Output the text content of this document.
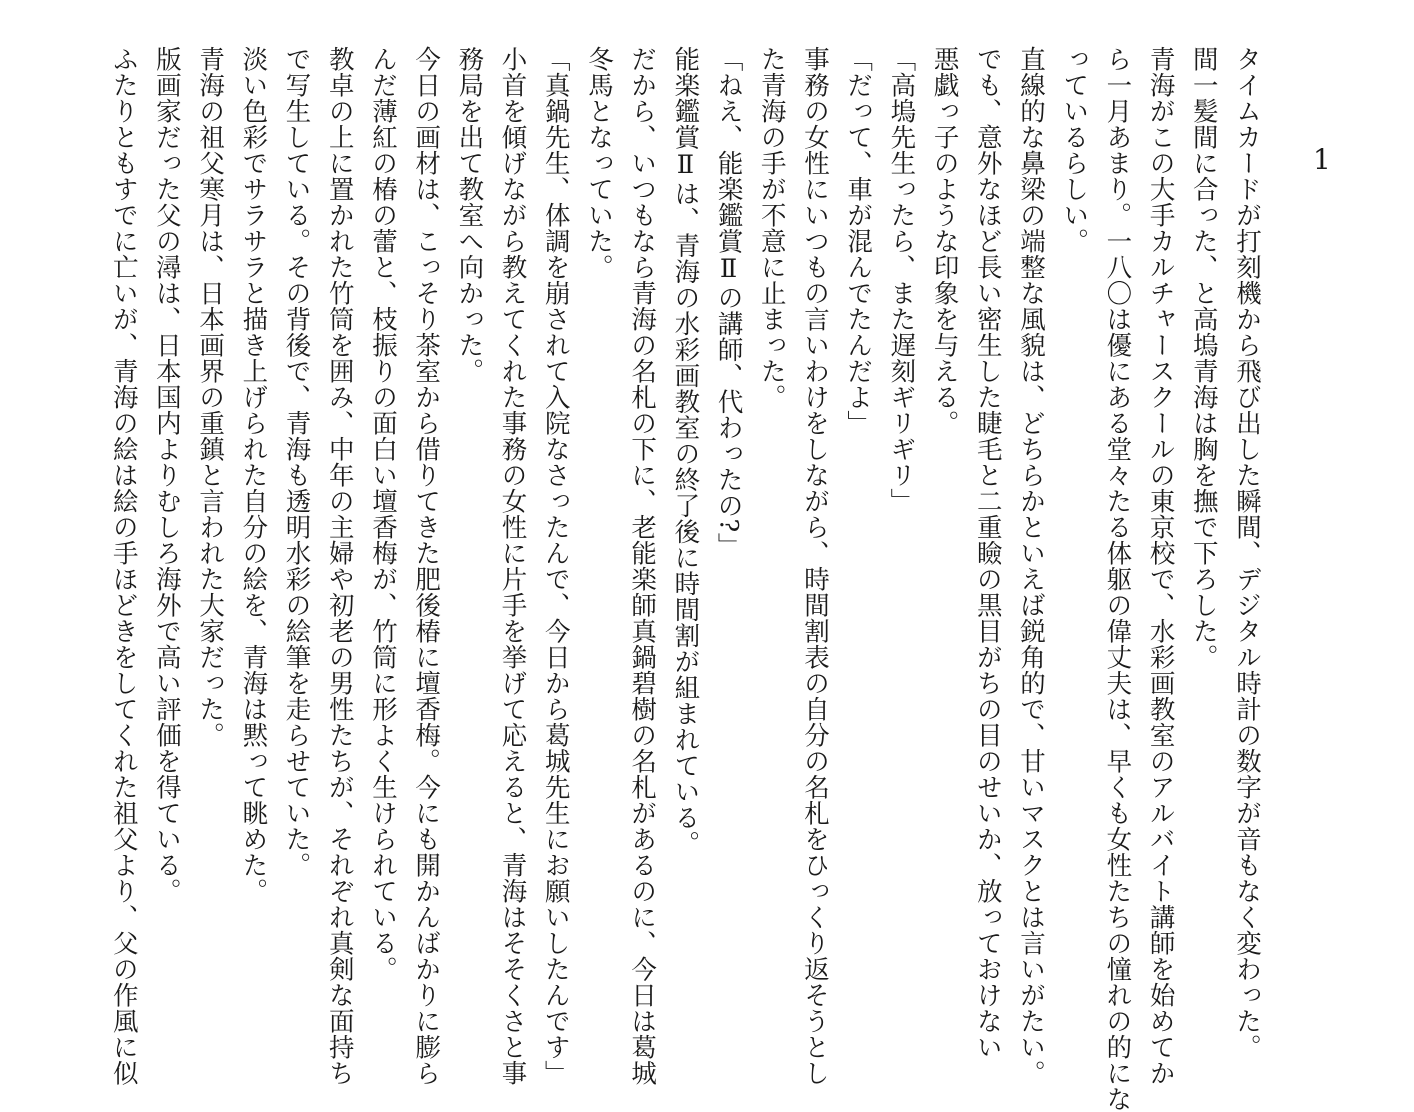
1
タイムカードが打刻機から飛び出した瞬間、デジタル時計の数字が音もなく変わった。
間一髪間に合った、と高塢青海は胸を撫で下ろした。
青海がこの大手カルチャースクールの東京校で、水彩画教室のアルバイト講師を始めてか
ら一月あまり。一八〇は優にある堂々たる体躯の偉丈夫は、早くも女性たちの憧れの的にな
っているらしい。
直線的な鼻梁の端整な風貌は、どちらかといえば鋭角的で、甘いマスクとは言いがたい。
でも、意外なほど長い密生した睫毛と二重瞼の黒目がちの目のせいか、放っておけない
悪戯っ子のような印象を与える。
「高塢先生ったら、また遅刻ギリギリ」
「だって、車が混んでたんだよ」
事務の女性にいつもの言いわけをしながら、時間割表の自分の名札をひっくり返そうとし
た青海の手が不意に止まった。
「ねえ、能楽鑑賞Ⅱの講師、代わったの?」
能楽鑑賞Ⅱは、青海の水彩画教室の終了後に時間割が組まれている。
だから、いつもなら青海の名札の下に、老能楽師真鍋碧樹の名札があるのに、今日は葛城
冬馬となっていた。
「真鍋先生、体調を崩されて入院なさったんで、今日から葛城先生にお願いしたんです」
小首を傾げながら教えてくれた事務の女性に片手を挙げて応えると、青海はそそくさと事
務局を出て教室へ向かった。
今日の画材は、こっそり茶室から借りてきた肥後椿に壇香梅。今にも開かんばかりに膨ら
んだ薄紅の椿の蕾と、枝振りの面白い壇香梅が、竹筒に形よく生けられている。
教卓の上に置かれた竹筒を囲み、中年の主婦や初老の男性たちが、それぞれ真剣な面持ち
で写生している。その背後で、青海も透明水彩の絵筆を走らせていた。
淡い色彩でサラサラと描き上げられた自分の絵を、青海は黙って眺めた。
青海の祖父寒月は、日本画界の重鎮と言われた大家だった。
版画家だった父の潯は、日本国内よりむしろ海外で高い評価を得ている。
ふたりともすでに亡いが、青海の絵は絵の手ほどきをしてくれた祖父より、父の作風に似
